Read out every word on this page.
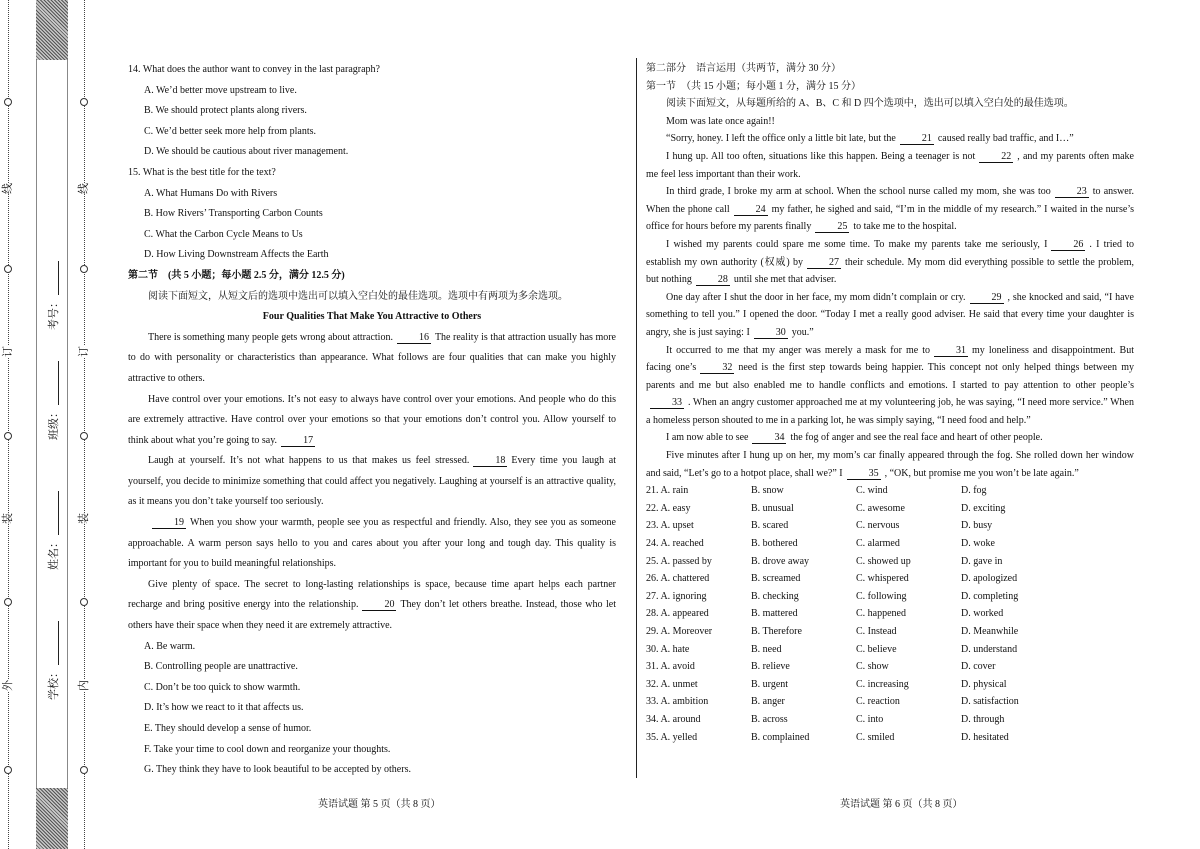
线
订
装
外
线
订
装
内
学校：
姓名：
班级：
考号：

14. What does the author want to convey in the last paragraph?

A. We’d better move upstream to live.

B. We should protect plants along rivers.

C. We’d better seek more help from plants.

D. We should be cautious about river management.

15. What is the best title for the text?

A. What Humans Do with Rivers

B. How Rivers’ Transporting Carbon Counts

C. What the Carbon Cycle Means to Us

D. How Living Downstream Affects the Earth

第二节　(共 5 小题；每小题 2.5 分，满分 12.5 分)

阅读下面短文，从短文后的选项中选出可以填入空白处的最佳选项。选项中有两项为多余选项。

Four Qualities That Make You Attractive to Others

There is something many people gets wrong about attraction.	16 The reality is that attraction usually has more to do with personality or characteristics than appearance. What follows are four qualities that can make you highly attractive to others.

Have control over your emotions. It’s not easy to always have control over your emotions. And people who do this are extremely attractive. Have control over your emotions so that your emotions don’t control you. Allow yourself to think about what you’re going to say.	17

Laugh at yourself. It’s not what happens to us that makes us feel stressed.	18 Every time you laugh at yourself, you decide to minimize something that could affect you negatively. Laughing at yourself is an attractive quality, as it means you don’t take yourself too seriously.

19 When you show your warmth, people see you as respectful and friendly. Also, they see you as someone approachable. A warm person says hello to you and cares about you after your long and tough day. This quality is important for you to build meaningful relationships.

Give plenty of space. The secret to long-lasting relationships is space, because time apart helps each partner recharge and bring positive energy into the relationship.	20 They don’t let others breathe. Instead, those who let others have their space when they need it are extremely attractive.

A. Be warm.

B. Controlling people are unattractive.

C. Don’t be too quick to show warmth.

D. It’s how we react to it that affects us.

E. They should develop a sense of humor.

F. Take your time to cool down and reorganize your thoughts.

G. They think they have to look beautiful to be accepted by others.

第二部分　语言运用（共两节，满分 30 分）

第一节　（共 15 小题；每小题 1 分，满分 15 分）

阅读下面短文，从每题所给的 A、B、C 和 D 四个选项中，选出可以填入空白处的最佳选项。

Mom was late once again!!

“Sorry, honey. I left the office only a little bit late, but the	21 caused really bad traffic, and I…”

I hung up. All too often, situations like this happen. Being a teenager is not	22 , and my parents often make me feel less important than their work.

In third grade, I broke my arm at school. When the school nurse called my mom, she was too	23 to answer. When the phone call	24 my father, he sighed and said, “I’m in the middle of my research.” I waited in the nurse’s office for hours before my parents finally	25 to take me to the hospital.

I wished my parents could spare me some time. To make my parents take me seriously, I	26 . I tried to establish my own authority (权威) by	27 their schedule. My mom did everything possible to settle the problem, but nothing	28 until she met that adviser.

One day after I shut the door in her face, my mom didn’t complain or cry.	29 , she knocked and said, “I have something to tell you.” I opened the door. “Today I met a really good adviser. He said that every time your daughter is angry, she is just saying: I	30 you.”

It occurred to me that my anger was merely a mask for me to	31 my loneliness and disappointment. But facing one’s	32 need is the first step towards being happier. This concept not only helped things between my parents and me but also enabled me to handle conflicts and emotions. I started to pay attention to other people’s33 . When an angry customer approached me at my volunteering job, he was saying, “I need more service.” When a homeless person shouted to me in a parking lot, he was simply saying, “I need food and help.”

I am now able to see	34 the fog of anger and see the real face and heart of other people.

Five minutes after I hung up on her, my mom’s car finally appeared through the fog. She rolled down her window and said, “Let’s go to a hotpot place, shall we?” I	35 , “OK, but promise me you won’t be late again.”

21. A. rain	B. snow	C. wind	D. fog
22. A. easy	B. unusual	C. awesome	D. exciting
23. A. upset	B. scared	C. nervous	D. busy
24. A. reached	B. bothered	C. alarmed	D. woke
25. A. passed by	B. drove away	C. showed up	D. gave in
26. A. chattered	B. screamed	C. whispered	D. apologized
27. A. ignoring	B. checking	C. following	D. completing
28. A. appeared	B. mattered	C. happened	D. worked
29. A. Moreover	B. Therefore	C. Instead	D. Meanwhile
30. A. hate	B. need	C. believe	D. understand
31. A. avoid	B. relieve	C. show	D. cover
32. A. unmet	B. urgent	C. increasing	D. physical
33. A. ambition	B. anger	C. reaction	D. satisfaction
34. A. around	B. across	C. into	D. through
35. A. yelled	B. complained	C. smiled	D. hesitated
英语试题 第 5 页（共 8 页）	英语试题 第 6 页（共 8 页）
